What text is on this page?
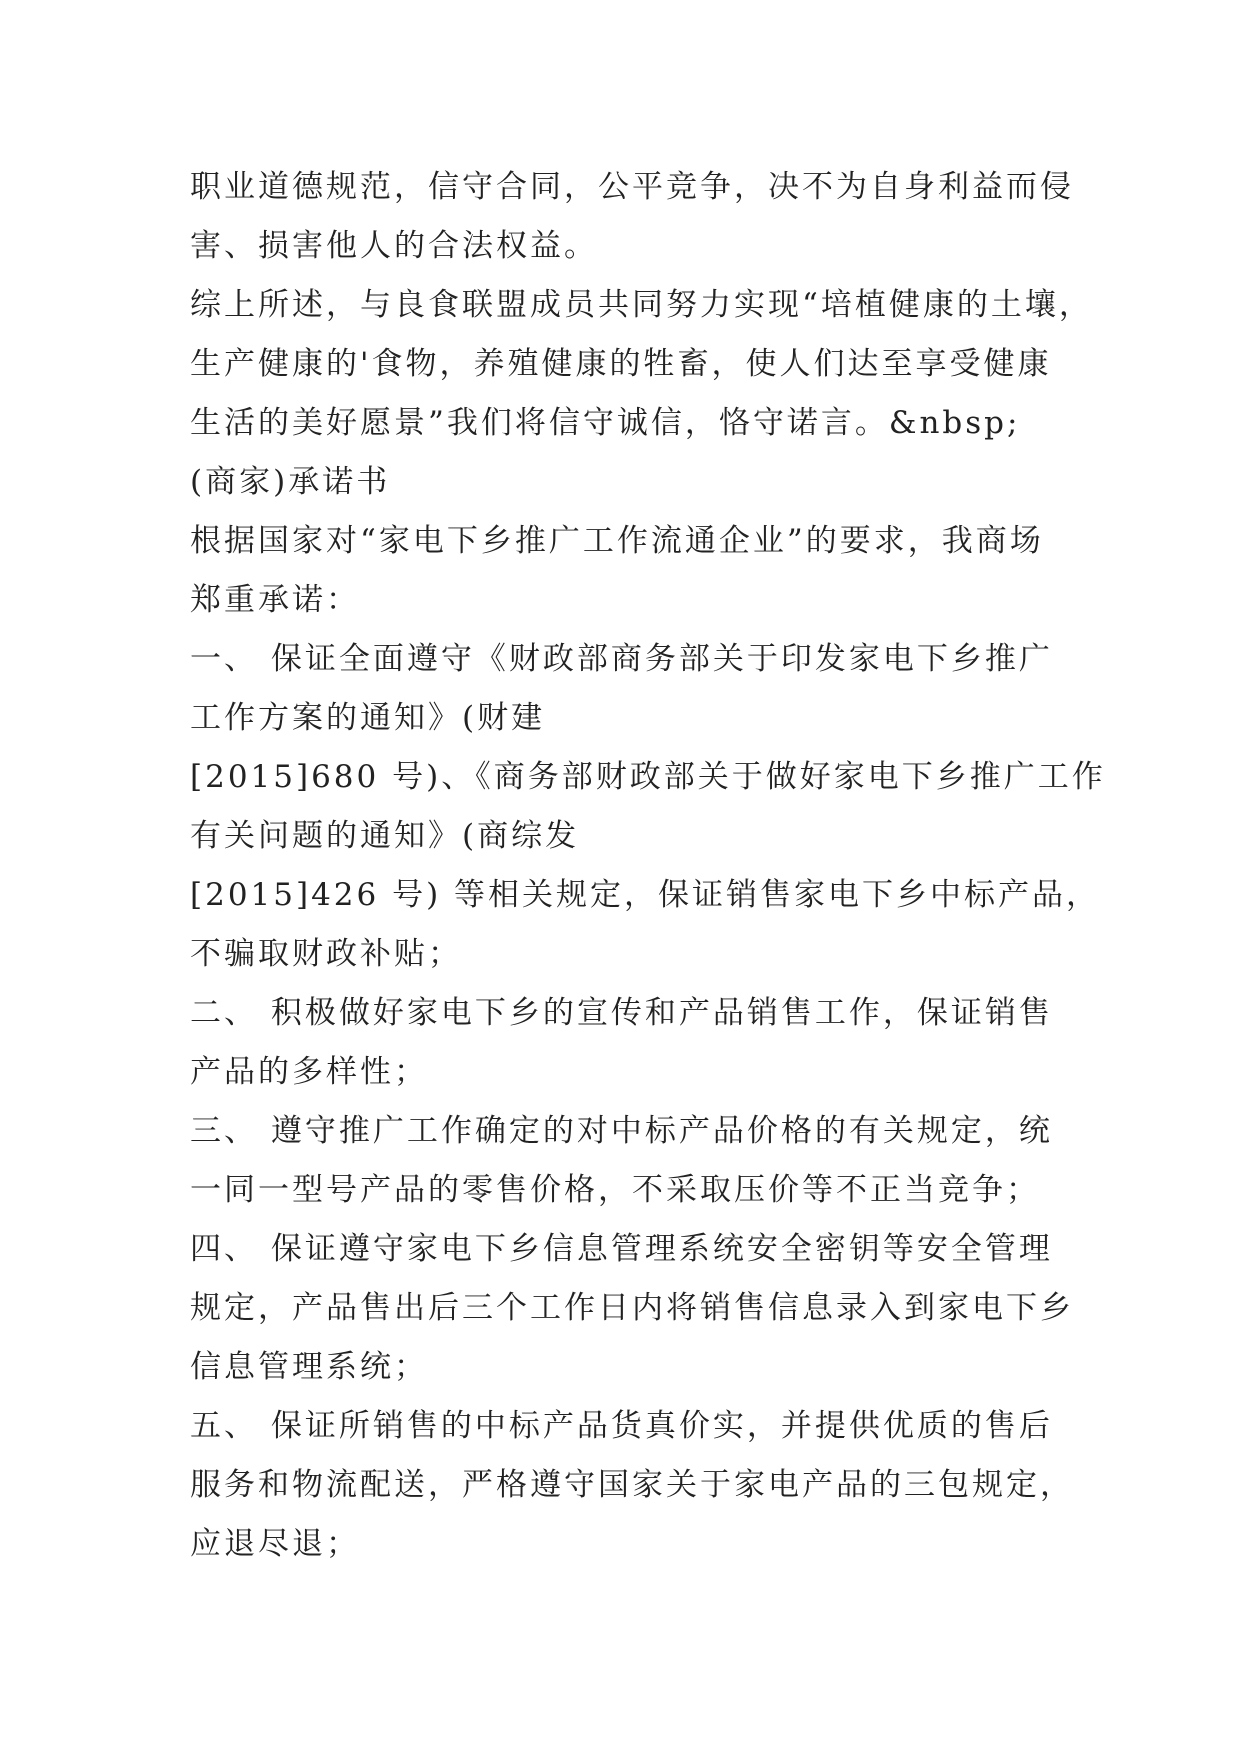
职业道德规范，信守合同，公平竞争，决不为自身利益而侵
害、损害他人的合法权益。
综上所述，与良食联盟成员共同努力实现“培植健康的土壤，
生产健康的'食物，养殖健康的牲畜，使人们达至享受健康
生活的美好愿景”我们将信守诚信，恪守诺言。&nbsp;
(商家)承诺书
根据国家对“家电下乡推广工作流通企业”的要求，我商场
郑重承诺：
一、 保证全面遵守《财政部商务部关于印发家电下乡推广
工作方案的通知》(财建
[2015]680 号)、《商务部财政部关于做好家电下乡推广工作
有关问题的通知》(商综发
[2015]426 号) 等相关规定，保证销售家电下乡中标产品，
不骗取财政补贴；
二、 积极做好家电下乡的宣传和产品销售工作，保证销售
产品的多样性；
三、 遵守推广工作确定的对中标产品价格的有关规定，统
一同一型号产品的零售价格，不采取压价等不正当竞争；
四、 保证遵守家电下乡信息管理系统安全密钥等安全管理
规定，产品售出后三个工作日内将销售信息录入到家电下乡
信息管理系统；
五、 保证所销售的中标产品货真价实，并提供优质的售后
服务和物流配送，严格遵守国家关于家电产品的三包规定，
应退尽退；
